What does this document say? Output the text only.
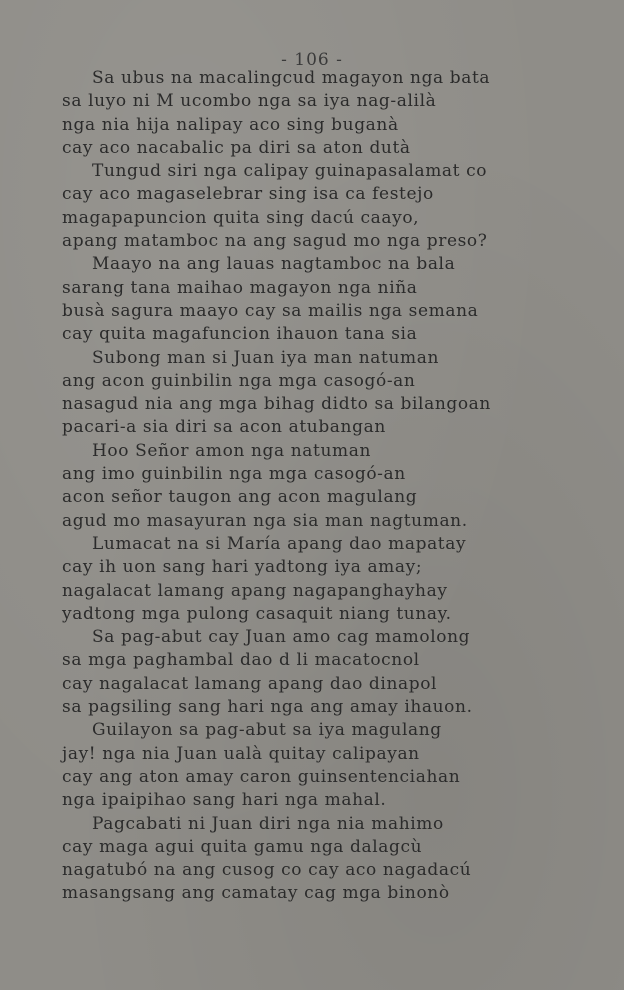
- 106 -
Sa ubus na macalingcud magayon nga bata
sa luyo ni M ucombo nga sa iya nag-alilà
nga nia hija nalipay aco sing buganà
cay aco nacabalic pa diri sa aton dutà
Tungud siri nga calipay guinapasalamat co
cay aco magaselebrar sing isa ca festejo
magapapuncion quita sing dacú caayo,
apang matamboc na ang sagud mo nga preso?
Maayo na ang lauas nagtamboc na bala
sarang tana maihao magayon nga niña
busà sagura maayo cay sa mailis nga semana
cay quita magafuncion ihauon tana sia
Subong man si Juan iya man natuman
ang acon guinbilin nga mga casogó-an
nasagud nia ang mga bihag didto sa bilangoan
pacari-a sia diri sa acon atubangan
Hoo Señor amon nga natuman
ang imo guinbilin nga mga casogó-an
acon señor taugon ang acon magulang
agud mo masayuran nga sia man nagtuman.
Lumacat na si María apang dao mapatay
cay ih uon sang hari yadtong iya amay;
nagalacat lamang apang nagapanghayhay
yadtong mga pulong casaquit niang tunay.
Sa pag-abut cay Juan amo cag mamolong
sa mga paghambal dao d li macatocnol
cay nagalacat lamang apang dao dinapol
sa pagsiling sang hari nga ang amay ihauon.
Guilayon sa pag-abut sa iya magulang
jay! nga nia Juan ualà quitay calipayan
cay ang aton amay caron guinsentenciahan
nga ipaipihao sang hari nga mahal.
Pagcabati ni Juan diri nga nia mahimo
cay maga agui quita gamu nga dalagcù
nagatubó na ang cusog co cay aco nagadacú
masangsang ang camatay cag mga binonò
